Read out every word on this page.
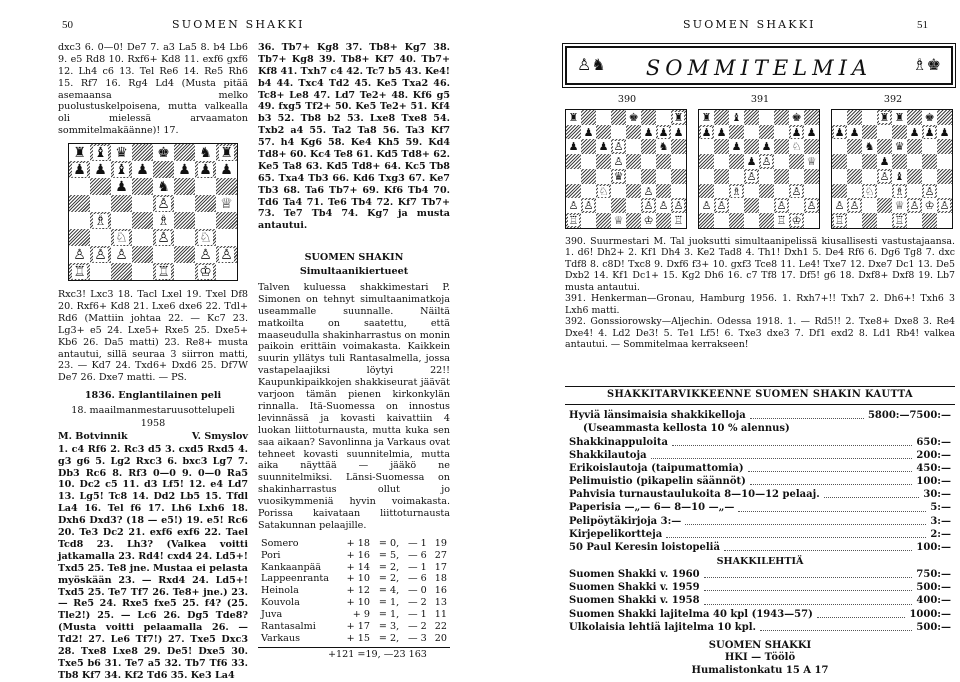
50	SUOMEN SHAKKI	SUOMEN SHAKKI	51

dxc3 6. 0—0! De7 7. a3 La5 8. b4 Lb6 9. e5 Rd8 10. Rxf6+ Kd8 11. exf6 gxf6 12. Lh4 c6 13. Tel Re6 14. Re5 Rh6 15. Rf7 16. Rg4 Ld4 (Musta pitää asemaansa melko puolustuskelpoisena, mutta valkealla oli mielessä arvaamaton sommitelmakäänne)! 17.

♜ ♝ ♛ ♚ ♞ ♜
♟ ♟ ♝ ♟ ♟ ♟ ♟
♟ ♞
♙	♕
♗	♗
♘ ♙ ♘
♙ ♙ ♙	♙ ♙
♖	♖ ♔

Rxc3! Lxc3 18. Tacl Lxel 19. Txel Df8 20. Rxf6+ Kd8 21. Lxe6 dxe6 22. Tdl+ Rd6 (Mattiin johtaa 22. — Kc7 23. Lg3+ e5 24. Lxe5+ Rxe5 25. Dxe5+ Kb6 26. Da5 matti) 23. Re8+ musta antautui, sillä seuraa 3 siirron matti, 23. — Kd7 24. Txd6+ Dxd6 25. Df7W De7 26. Dxe7 matti. — PS.

1836. Englantilainen peli

18. maailmanmestaruusottelupeli

1958

M. Botvinnik	V. Smyslov

1. c4 Rf6 2. Rc3 d5 3. cxd5 Rxd5 4. g3 g6 5. Lg2 Rxc3 6. bxc3 Lg7 7. Db3 Rc6 8. Rf3 0—0 9. 0—0 Ra5 10. Dc2 c5 11. d3 Lf5! 12. e4 Ld7 13. Lg5! Tc8 14. Dd2 Lb5 15. Tfdl La4 16. Tel f6 17. Lh6 Lxh6 18. Dxh6 Dxd3? (18 — e5!) 19. e5! Rc6 20. Te3 Dc2 21. exf6 exf6 22. Tael Tcd8 23. Lh3? (Valkea voitti jatkamalla 23. Rd4! cxd4 24. Ld5+! Txd5 25. Te8 jne. Mustaa ei pelasta myöskään 23. — Rxd4 24. Ld5+! Txd5 25. Te7 Tf7 26. Te8+ jne.) 23. — Re5 24. Rxe5 fxe5 25. f4? (25. Tle2!) 25. — Lc6 26. Dg5 Tde8? (Musta voitti pelaamalla 26. — Td2! 27. Le6 Tf7!) 27. Txe5 Dxc3 28. Txe8 Lxe8 29. De5! Dxe5 30. Txe5 b6 31. Te7 a5 32. Tb7 Tf6 33. Tb8 Kf7 34. Kf2 Td6 35. Ke3 La4

36. Tb7+ Kg8 37. Tb8+ Kg7 38. Tb7+ Kg8 39. Tb8+ Kf7 40. Tb7+ Kf8 41. Txh7 c4 42. Tc7 b5 43. Ke4! b4 44. Txc4 Td2 45. Ke5 Txa2 46. Tc8+ Le8 47. Ld7 Te2+ 48. Kf6 g5 49. fxg5 Tf2+ 50. Ke5 Te2+ 51. Kf4 b3 52. Tb8 b2 53. Lxe8 Txe8 54. Txb2 a4 55. Ta2 Ta8 56. Ta3 Kf7 57. h4 Kg6 58. Ke4 Kh5 59. Kd4 Td8+ 60. Kc4 Te8 61. Kd5 Td8+ 62. Ke5 Ta8 63. Kd5 Td8+ 64. Kc5 Tb8 65. Txa4 Tb3 66. Kd6 Txg3 67. Ke7 Tb3 68. Ta6 Tb7+ 69. Kf6 Tb4 70. Td6 Ta4 71. Te6 Tb4 72. Kf7 Tb7+ 73. Te7 Tb4 74. Kg7 ja musta antautui.

SUOMEN SHAKIN

Simultaanikiertueet

Talven kuluessa shakkimestari P. Simonen on tehnyt simultaanimatkoja useammalle suunnalle. Näiltä matkoilta on saatettu, että maaseudulla shakinharrastus on monin paikoin erittäin voimakasta. Kaikkein suurin yllätys tuli Rantasalmella, jossa vastapelaajiksi löytyi 22!! Kaupunkipaikkojen shakkiseurat jäävät varjoon tämän pienen kirkonkylän rinnalla. Itä-Suomessa on innostus levinnässä ja kovasti kaivattiin 4 luokan liittoturnausta, mutta kuka sen saa aikaan? Savonlinna ja Varkaus ovat tehneet kovasti suunnitelmia, mutta aika näyttää — jääkö ne suunnitelmiksi. Länsi-Suomessa on shakinharrastus ollut jo vuosikymmeniä hyvin voimakasta. Porissa kaivataan liittoturnausta Satakunnan pelaajille.

Somero	+ 18	= 0,	— 1	19
Pori	+ 16	= 5,	— 6	27
Kankaanpää	+ 14	= 2,	— 1	17
Lappeenranta	+ 10	= 2,	— 6	18
Heinola	+ 12	= 4,	— 0	16
Kouvola	+ 10	= 1,	— 2	13
Juva	+ 9	= 1,	— 1	11
Rantasalmi	+ 17	= 3,	— 2	22
Varkaus	+ 15	= 2,	— 3	20
+121 =19, —23 163
♙♞	SOMMITELMIA	♗♚
390
♜	♚	♜
♟	♟ ♟ ♟
♟ ♟ ♙	♞
♙
♛
♘	♙
♙ ♙	♙ ♙ ♙
♖	♕ ♔ ♖
391
♜ ♝	♚
♟ ♟	♟ ♟
♟ ♟ ♘
♟ ♙	♕
♙
♗	♙
♙ ♙	♙ ♙
♖ ♔
392
♜ ♜ ♚
♟ ♟	♟ ♟ ♟
♞ ♛
♟
♙ ♝
♘ ♗ ♙
♙ ♙	♕ ♙ ♔ ♙
♖	♖

390. Suurmestari M. Tal juoksutti simultaanipelissä kiusallisesti vastustajaansa. 1. d6! Dh2+ 2. Kf1 Dh4 3. Ke2 Tad8 4. Th1! Dxh1 5. De4 Rf6 6. Dg6 Tg8 7. dxc Tdf8 8. c8D! Txc8 9. Dxf6 f3+ 10. gxf3 Tce8 11. Le4! Txe7 12. Dxe7 Dc1 13. De5 Dxb2 14. Kf1 Dc1+ 15. Kg2 Dh6 16. c7 Tf8 17. Df5! g6 18. Dxf8+ Dxf8 19. Lb7 musta antautui.

391. Henkerman—Gronau, Hamburg 1956. 1. Rxh7+!! Txh7 2. Dh6+! Txh6 3 Lxh6 matti.

392. Gonssiorowsky—Aljechin. Odessa 1918. 1. — Rd5!! 2. Txe8+ Dxe8 3. Re4 Dxe4! 4. Ld2 De3! 5. Te1 Lf5! 6. Txe3 dxe3 7. Df1 exd2 8. Ld1 Rb4! valkea antautui. — Sommitelmaa kerrakseen!

SHAKKITARVIKKEENNE SUOMEN SHAKIN KAUTTA
Hyviä länsimaisia shakkikelloja	5800:—7500:—
(Useammasta kellosta 10 % alennus)
Shakkinappuloita	650:—
Shakkilautoja	200:—
Erikoislautoja (taipumattomia)	450:—
Pelimuistio (pikapelin säännöt)	100:—
Pahvisia turnaustaulukoita 8—10—12 pelaaj.	30:—
Paperisia —„— 6— 8—10 —„—	5:—
Pelipöytäkirjoja 3:—	3:—
Kirjepelikortteja	2:—
50 Paul Keresin loistopeliä	100:—
SHAKKILEHTIÄ
Suomen Shakki v. 1960	750:—
Suomen Shakki v. 1959	500:—
Suomen Shakki v. 1958	400:—
Suomen Shakki lajitelma 40 kpl (1943—57)	1000:—
Ulkolaisia lehtiä lajitelma 10 kpl.	500:—
SUOMEN SHAKKI
HKI — Töölö
Humalistonkatu 15 A 17
